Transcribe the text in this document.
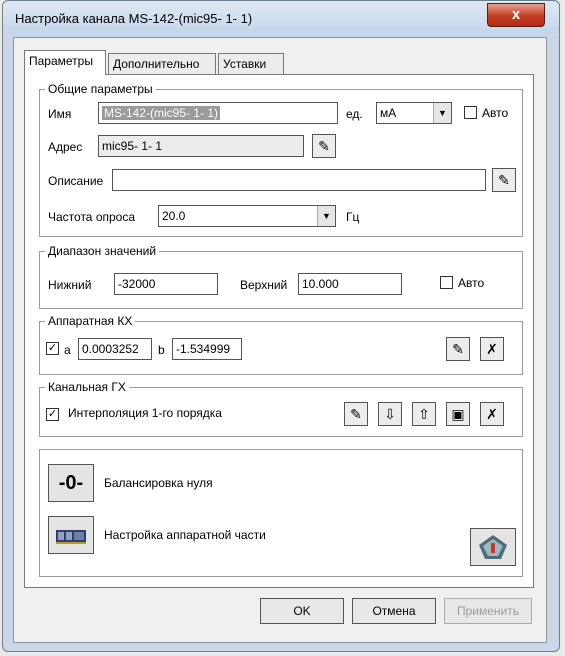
Настройка канала MS-142-(mic95- 1- 1)	x
Параметры	Дополнительно	Уставки
Общие параметры
Имя	MS-142-(mic95- 1- 1)	ед.	мА	▼	Авто
Адрес	mic95- 1- 1	✎
Описание	✎
Частота опроса	20.0	▼	Гц
Диапазон значений
Нижний	-32000	Верхний	10.000	Авто
Аппаратная КХ
✓ a 0.0003252	b -1.534999	✎	✗
Канальная ГХ
✓ Интерполяция 1-го порядка	✎	⇩	⇧	▣	✗
-0-	Балансировка нуля
Настройка аппаратной части
OK	Отмена	Применить
